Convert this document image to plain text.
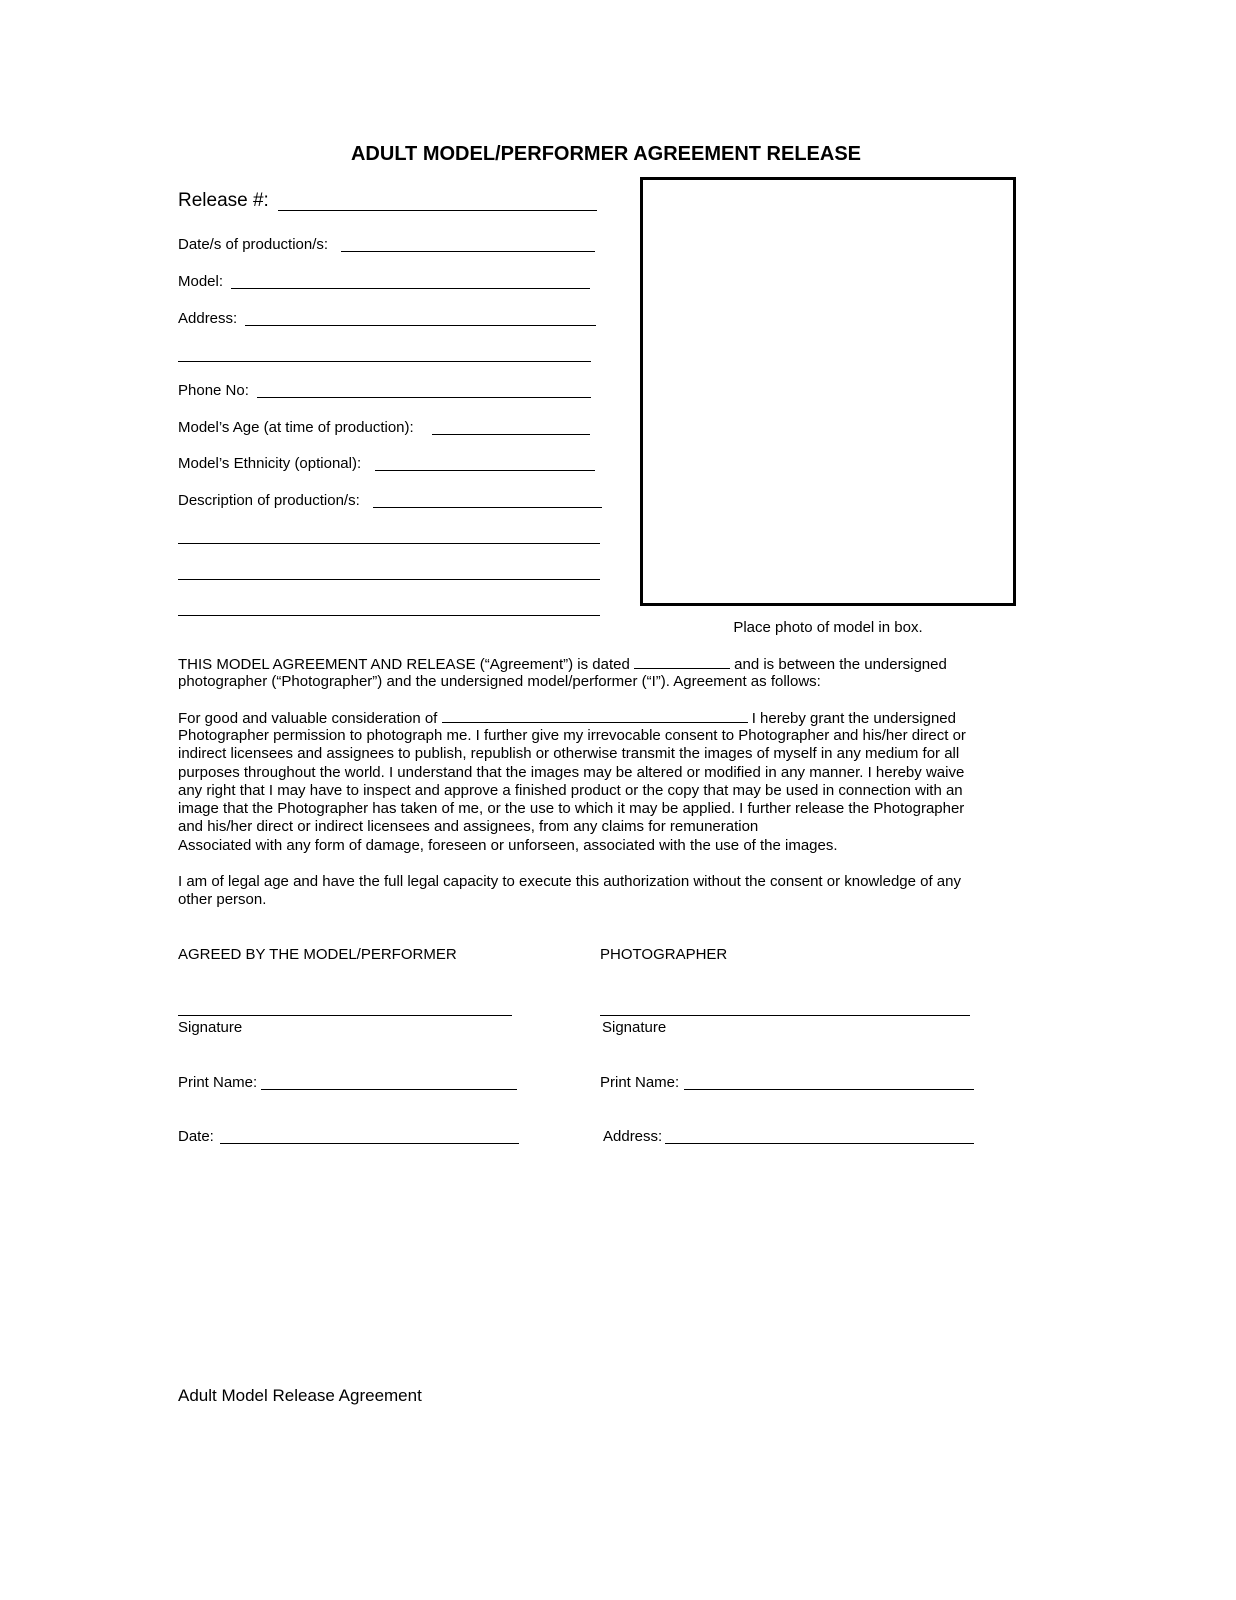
ADULT MODEL/PERFORMER AGREEMENT RELEASE
Release #:
Date/s of production/s:
Model:
Address:
Phone No:
Model’s Age (at time of production):
Model’s Ethnicity (optional):
Description of production/s:
Place photo of model in box.
THIS MODEL AGREEMENT AND RELEASE (“Agreement”) is dated	and is between the undersigned
photographer (“Photographer”) and the undersigned model/performer (“I”). Agreement as follows:
For good and valuable consideration of	I hereby grant the undersigned
Photographer permission to photograph me. I further give my irrevocable consent to Photographer and his/her direct or
indirect licensees and assignees to publish, republish or otherwise transmit the images of myself in any medium for all
purposes throughout the world. I understand that the images may be altered or modified in any manner. I hereby waive
any right that I may have to inspect and approve a finished product or the copy that may be used in connection with an
image that the Photographer has taken of me, or the use to which it may be applied. I further release the Photographer
and his/her direct or indirect licensees and assignees, from any claims for remuneration
Associated with any form of damage, foreseen or unforseen, associated with the use of the images.
I am of legal age and have the full legal capacity to execute this authorization without the consent or knowledge of any
other person.
AGREED BY THE MODEL/PERFORMER	PHOTOGRAPHER
Signature	Signature
Print Name:	Print Name:
Date:	Address:
Adult Model Release Agreement
